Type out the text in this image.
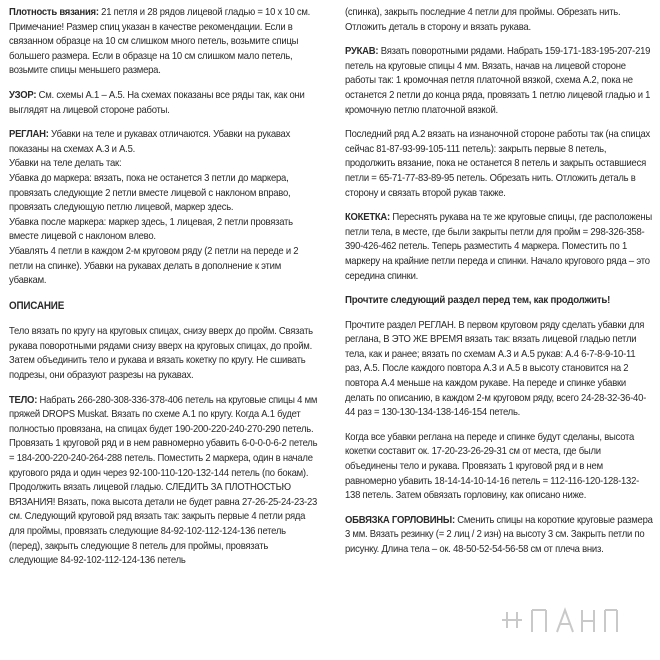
Плотность вязания: 21 петля и 28 рядов лицевой гладью = 10 x 10 см. Примечание! Размер спиц указан в качестве рекомендации. Если в связанном образце на 10 см слишком много петель, возьмите спицы большего размера. Если в образце на 10 см слишком мало петель, возьмите спицы меньшего размера.

УЗОР: См. схемы А.1 – А.5. На схемах показаны все ряды так, как они выглядят на лицевой стороне работы.

РЕГЛАН: Убавки на теле и рукавах отличаются. Убавки на рукавах показаны на схемах А.3 и А.5.

Убавки на теле делать так:

Убавка до маркера: вязать, пока не останется 3 петли до маркера, провязать следующие 2 петли вместе лицевой с наклоном вправо, провязать следующую петлю лицевой, маркер здесь.

Убавка после маркера: маркер здесь, 1 лицевая, 2 петли провязать вместе лицевой с наклоном влево.

Убавлять 4 петли в каждом 2-м круговом ряду (2 петли на переде и 2 петли на спинке). Убавки на рукавах делать в дополнение к этим убавкам.

ОПИСАНИЕ

Тело вязать по кругу на круговых спицах, снизу вверх до пройм. Связать рукава поворотными рядами снизу вверх на круговых спицах, до пройм. Затем объединить тело и рукава и вязать кокетку по кругу. Не сшивать подрезы, они образуют разрезы на рукавах.

ТЕЛО: Набрать 266-280-308-336-378-406 петель на круговые спицы 4 мм пряжей DROPS Muskat. Вязать по схеме А.1 по кругу. Когда А.1 будет полностью провязана, на спицах будет 190-200-220-240-270-290 петель. Провязать 1 круговой ряд и в нем равномерно убавить 6-0-0-0-6-2 петель = 184-200-220-240-264-288 петель. Поместить 2 маркера, один в начале кругового ряда и один через 92-100-110-120-132-144 петель (по бокам). Продолжить вязать лицевой гладью. СЛЕДИТЬ ЗА ПЛОТНОСТЬЮ ВЯЗАНИЯ! Вязать, пока высота детали не будет равна 27-26-25-24-23-23 см. Следующий круговой ряд вязать так: закрыть первые 4 петли ряда для проймы, провязать следующие 84-92-102-112-124-136 петель (перед), закрыть следующие 8 петель для проймы, провязать следующие 84-92-102-112-124-136 петель

(спинка), закрыть последние 4 петли для проймы. Обрезать нить. Отложить деталь в сторону и вязать рукава.

РУКАВ: Вязать поворотными рядами. Набрать 159-171-183-195-207-219 петель на круговые спицы 4 мм. Вязать, начав на лицевой стороне работы так: 1 кромочная петля платочной вязкой, схема А.2, пока не останется 2 петли до конца ряда, провязать 1 петлю лицевой гладью и 1 кромочную петлю платочной вязкой.

Последний ряд А.2 вязать на изнаночной стороне работы так (на спицах сейчас 81-87-93-99-105-111 петель): закрыть первые 8 петель, продолжить вязание, пока не останется 8 петель и закрыть оставшиеся петли = 65-71-77-83-89-95 петель. Обрезать нить. Отложить деталь в сторону и связать второй рукав также.

КОКЕТКА: Переснять рукава на те же круговые спицы, где расположены петли тела, в месте, где были закрыты петли для пройм = 298-326-358-390-426-462 петель. Теперь разместить 4 маркера. Поместить по 1 маркеру на крайние петли переда и спинки. Начало кругового ряда – это середина спинки.

Прочтите следующий раздел перед тем, как продолжить!

Прочтите раздел РЕГЛАН. В первом круговом ряду сделать убавки для реглана, В ЭТО ЖЕ ВРЕМЯ вязать так: вязать лицевой гладью петли тела, как и ранее; вязать по схемам А.3 и А.5 рукав: А.4 6-7-8-9-10-11 раз, А.5. После каждого повтора А.3 и А.5 в высоту становится на 2 повтора А.4 меньше на каждом рукаве. На переде и спинке убавки делать по описанию, в каждом 2-м круговом ряду, всего 24-28-32-36-40-44 раз = 130-130-134-138-146-154 петель.

Когда все убавки реглана на переде и спинке будут сделаны, высота кокетки составит ок. 17-20-23-26-29-31 см от места, где были объединены тело и рукава. Провязать 1 круговой ряд и в нем равномерно убавить 18-14-14-10-14-16 петель = 112-116-120-128-132-138 петель. Затем обвязать горловину, как описано ниже.

ОБВЯЗКА ГОРЛОВИНЫ: Сменить спицы на короткие круговые размера 3 мм. Вязать резинку (= 2 лиц / 2 изн) на высоту 3 см. Закрыть петли по рисунку. Длина тела – ок. 48-50-52-54-56-58 см от плеча вниз.
